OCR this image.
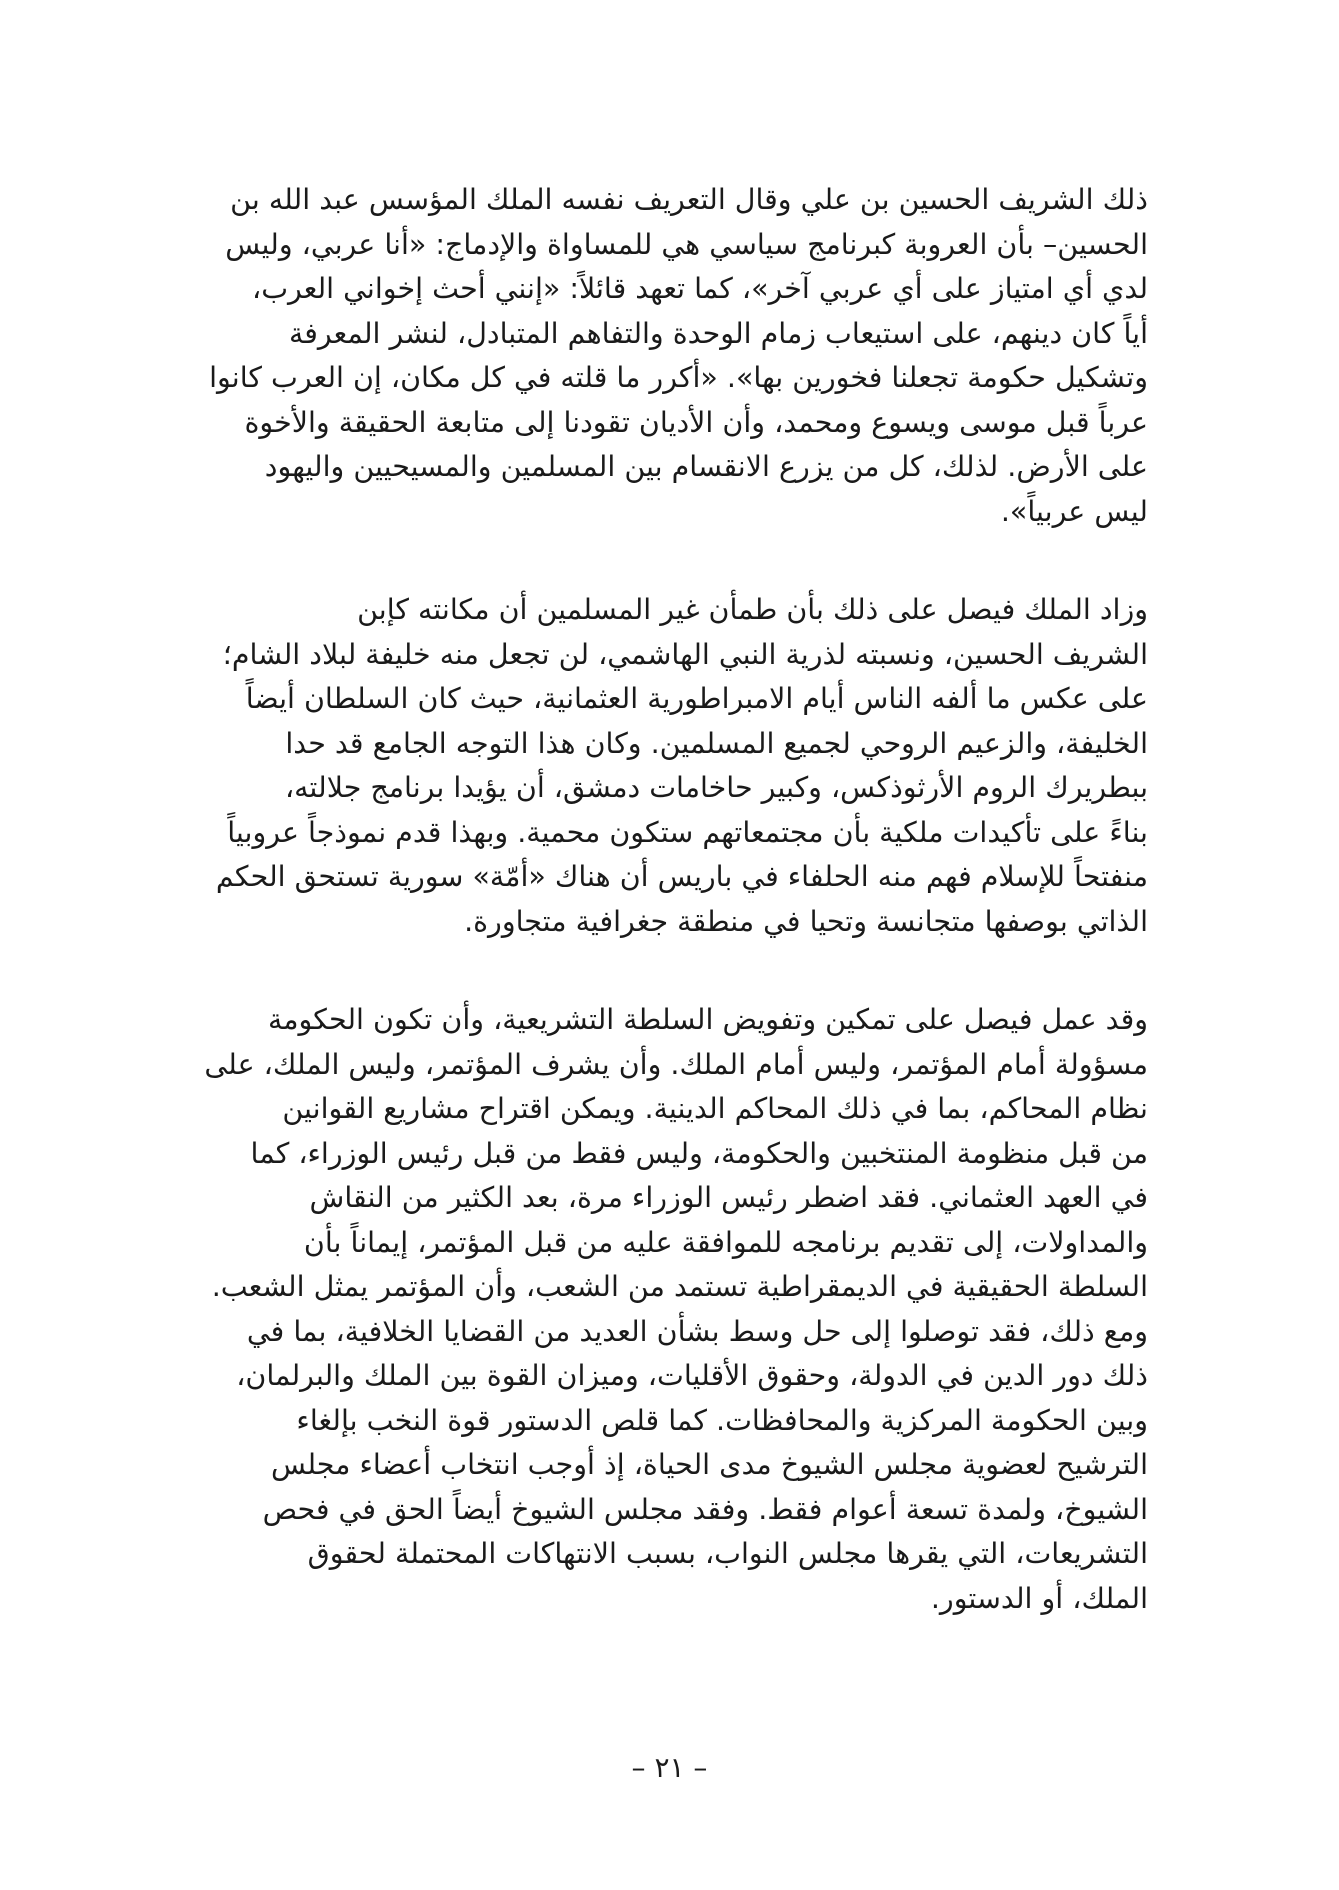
ذلك الشريف الحسين بن علي وقال التعريف نفسه الملك المؤسس عبد الله بن
الحسين– بأن العروبة كبرنامج سياسي هي للمساواة والإدماج: «أنا عربي، وليس
لدي أي امتياز على أي عربي آخر»، كما تعهد قائلاً: «إنني أحث إخواني العرب،
أياً كان دينهم، على استيعاب زمام الوحدة والتفاهم المتبادل، لنشر المعرفة
وتشكيل حكومة تجعلنا فخورين بها». «أكرر ما قلته في كل مكان، إن العرب كانوا
عرباً قبل موسى ويسوع ومحمد، وأن الأديان تقودنا إلى متابعة الحقيقة والأخوة
على الأرض. لذلك، كل من يزرع الانقسام بين المسلمين والمسيحيين واليهود
ليس عربياً».

وزاد الملك فيصل على ذلك بأن طمأن غير المسلمين أن مكانته كإبن
الشريف الحسين، ونسبته لذرية النبي الهاشمي، لن تجعل منه خليفة لبلاد الشام؛
على عكس ما ألفه الناس أيام الامبراطورية العثمانية، حيث كان السلطان أيضاً
الخليفة، والزعيم الروحي لجميع المسلمين. وكان هذا التوجه الجامع قد حدا
ببطريرك الروم الأرثوذكس، وكبير حاخامات دمشق، أن يؤيدا برنامج جلالته،
بناءً على تأكيدات ملكية بأن مجتمعاتهم ستكون محمية. وبهذا قدم نموذجاً عروبياً
منفتحاً للإسلام فهم منه الحلفاء في باريس أن هناك «أمّة» سورية تستحق الحكم
الذاتي بوصفها متجانسة وتحيا في منطقة جغرافية متجاورة.

وقد عمل فيصل على تمكين وتفويض السلطة التشريعية، وأن تكون الحكومة
مسؤولة أمام المؤتمر، وليس أمام الملك. وأن يشرف المؤتمر، وليس الملك، على
نظام المحاكم، بما في ذلك المحاكم الدينية. ويمكن اقتراح مشاريع القوانين
من قبل منظومة المنتخبين والحكومة، وليس فقط من قبل رئيس الوزراء، كما
في العهد العثماني. فقد اضطر رئيس الوزراء مرة، بعد الكثير من النقاش
والمداولات، إلى تقديم برنامجه للموافقة عليه من قبل المؤتمر، إيماناً بأن
السلطة الحقيقية في الديمقراطية تستمد من الشعب، وأن المؤتمر يمثل الشعب.
ومع ذلك، فقد توصلوا إلى حل وسط بشأن العديد من القضايا الخلافية، بما في
ذلك دور الدين في الدولة، وحقوق الأقليات، وميزان القوة بين الملك والبرلمان،
وبين الحكومة المركزية والمحافظات. كما قلص الدستور قوة النخب بإلغاء
الترشيح لعضوية مجلس الشيوخ مدى الحياة، إذ أوجب انتخاب أعضاء مجلس
الشيوخ، ولمدة تسعة أعوام فقط. وفقد مجلس الشيوخ أيضاً الحق في فحص
التشريعات، التي يقرها مجلس النواب، بسبب الانتهاكات المحتملة لحقوق
الملك، أو الدستور.

– ٢١ –
